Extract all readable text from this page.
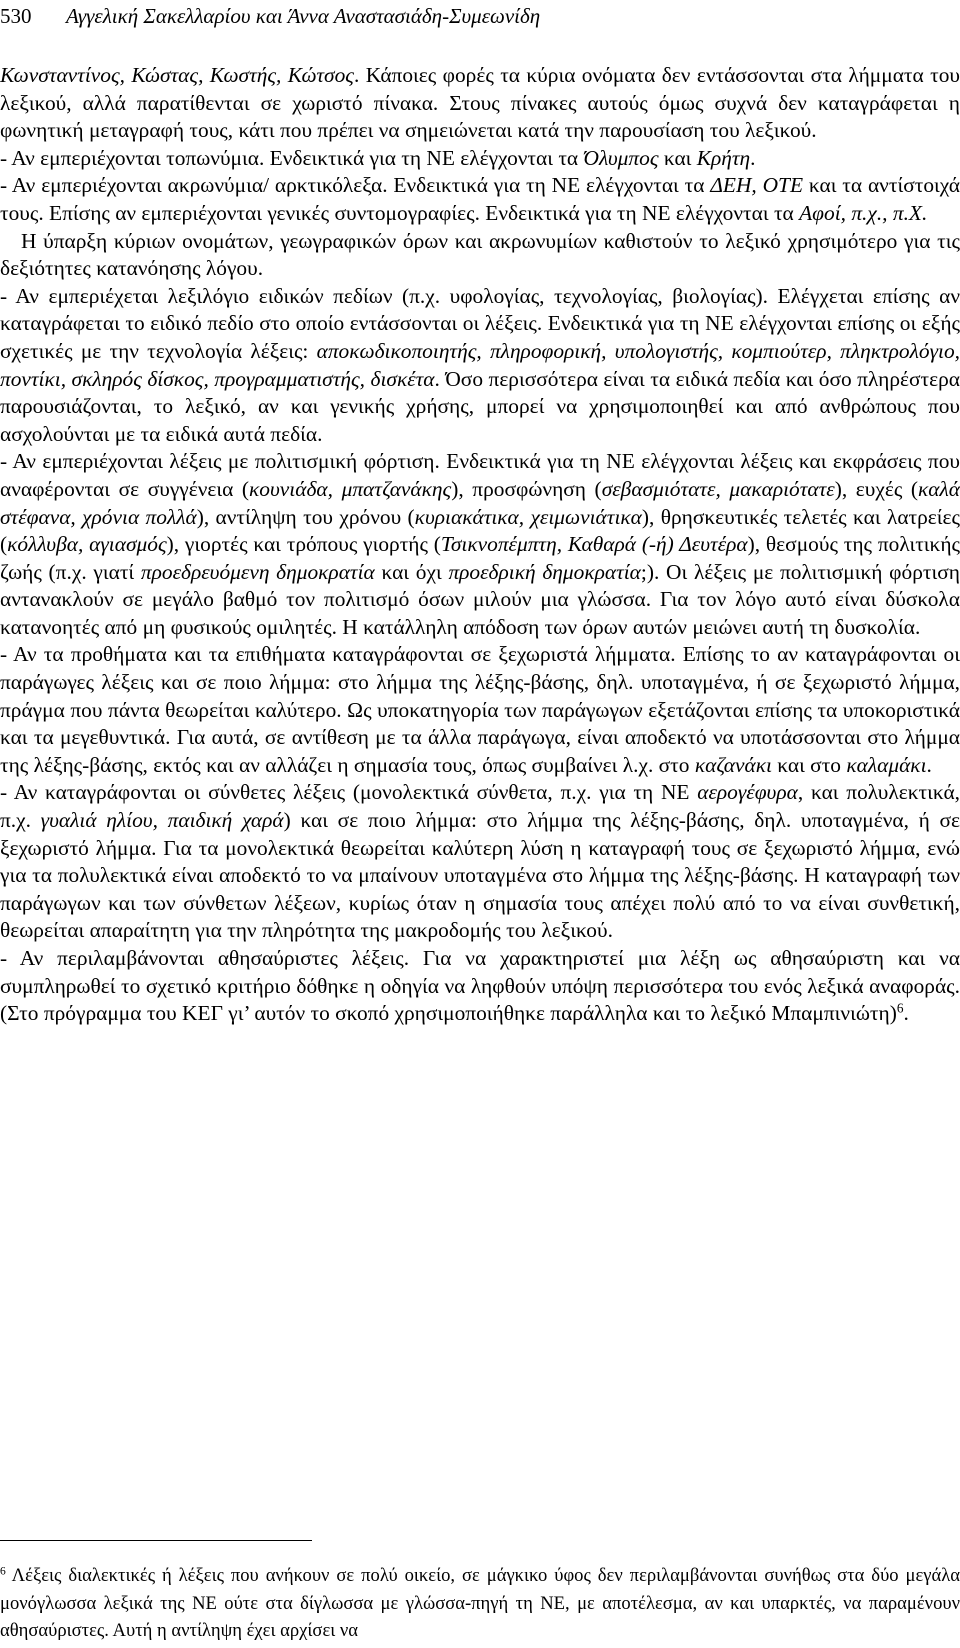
530 Αγγελική Σακελλαρίου και Άννα Αναστασιάδη-Συμεωνίδη

Κωνσταντίνος, Κώστας, Κωστής, Κώτσος. Κάποιες φορές τα κύρια ονόματα δεν εντάσσονται στα λήμματα του λεξικού, αλλά παρατίθενται σε χωριστό πίνακα. Στους πίνακες αυτούς όμως συχνά δεν καταγράφεται η φωνητική μεταγραφή τους, κάτι που πρέπει να σημειώνεται κατά την παρουσίαση του λεξικού.

- Αν εμπεριέχονται τοπωνύμια. Ενδεικτικά για τη ΝΕ ελέγχονται τα Όλυμπος και Κρήτη.

- Αν εμπεριέχονται ακρωνύμια/ αρκτικόλεξα. Ενδεικτικά για τη ΝΕ ελέγχονται τα ΔΕΗ, ΟΤΕ και τα αντίστοιχά τους. Επίσης αν εμπεριέχονται γενικές συντομογραφίες. Ενδεικτικά για τη ΝΕ ελέγχονται τα Αφοί, π.χ., π.Χ.

Η ύπαρξη κύριων ονομάτων, γεωγραφικών όρων και ακρωνυμίων καθιστούν το λεξικό χρησιμότερο για τις δεξιότητες κατανόησης λόγου.

- Αν εμπεριέχεται λεξιλόγιο ειδικών πεδίων (π.χ. υφολογίας, τεχνολογίας, βιολογίας). Ελέγχεται επίσης αν καταγράφεται το ειδικό πεδίο στο οποίο εντάσσονται οι λέξεις. Ενδεικτικά για τη ΝΕ ελέγχονται επίσης οι εξής σχετικές με την τεχνολογία λέξεις: αποκωδικοποιητής, πληροφορική, υπολογιστής, κομπιούτερ, πληκτρολόγιο, ποντίκι, σκληρός δίσκος, προγραμματιστής, δισκέτα. Όσο περισσότερα είναι τα ειδικά πεδία και όσο πληρέστερα παρουσιάζονται, το λεξικό, αν και γενικής χρήσης, μπορεί να χρησιμοποιηθεί και από ανθρώπους που ασχολούνται με τα ειδικά αυτά πεδία.

- Αν εμπεριέχονται λέξεις με πολιτισμική φόρτιση. Ενδεικτικά για τη ΝΕ ελέγχονται λέξεις και εκφράσεις που αναφέρονται σε συγγένεια (κουνιάδα, μπατζανάκης), προσφώνηση (σεβασμιότατε, μακαριότατε), ευχές (καλά στέφανα, χρόνια πολλά), αντίληψη του χρόνου (κυριακάτικα, χειμωνιάτικα), θρησκευτικές τελετές και λατρείες (κόλλυβα, αγιασμός), γιορτές και τρόπους γιορτής (Τσικνοπέμπτη, Καθαρά (-ή) Δευτέρα), θεσμούς της πολιτικής ζωής (π.χ. γιατί προεδρευόμενη δημοκρατία και όχι προεδρική δημοκρατία;). Οι λέξεις με πολιτισμική φόρτιση αντανακλούν σε μεγάλο βαθμό τον πολιτισμό όσων μιλούν μια γλώσσα. Για τον λόγο αυτό είναι δύσκολα κατανοητές από μη φυσικούς ομιλητές. Η κατάλληλη απόδοση των όρων αυτών μειώνει αυτή τη δυσκολία.

- Αν τα προθήματα και τα επιθήματα καταγράφονται σε ξεχωριστά λήμματα. Επίσης το αν καταγράφονται οι παράγωγες λέξεις και σε ποιο λήμμα: στο λήμμα της λέξης-βάσης, δηλ. υποταγμένα, ή σε ξεχωριστό λήμμα, πράγμα που πάντα θεωρείται καλύτερο. Ως υποκατηγορία των παράγωγων εξετάζονται επίσης τα υποκοριστικά και τα μεγεθυντικά. Για αυτά, σε αντίθεση με τα άλλα παράγωγα, είναι αποδεκτό να υποτάσσονται στο λήμμα της λέξης-βάσης, εκτός και αν αλλάζει η σημασία τους, όπως συμβαίνει λ.χ. στο καζανάκι και στο καλαμάκι.

- Αν καταγράφονται οι σύνθετες λέξεις (μονολεκτικά σύνθετα, π.χ. για τη ΝΕ αερογέφυρα, και πολυλεκτικά, π.χ. γυαλιά ηλίου, παιδική χαρά) και σε ποιο λήμμα: στο λήμμα της λέξης-βάσης, δηλ. υποταγμένα, ή σε ξεχωριστό λήμμα. Για τα μονολεκτικά θεωρείται καλύτερη λύση η καταγραφή τους σε ξεχωριστό λήμμα, ενώ για τα πολυλεκτικά είναι αποδεκτό το να μπαίνουν υποταγμένα στο λήμμα της λέξης-βάσης. Η καταγραφή των παράγωγων και των σύνθετων λέξεων, κυρίως όταν η σημασία τους απέχει πολύ από το να είναι συνθετική, θεωρείται απαραίτητη για την πληρότητα της μακροδομής του λεξικού.

- Αν περιλαμβάνονται αθησαύριστες λέξεις. Για να χαρακτηριστεί μια λέξη ως αθησαύριστη και να συμπληρωθεί το σχετικό κριτήριο δόθηκε η οδηγία να ληφθούν υπόψη περισσότερα του ενός λεξικά αναφοράς. (Στο πρόγραμμα του ΚΕΓ γι’ αυτόν το σκοπό χρησιμοποιήθηκε παράλληλα και το λεξικό Μπαμπινιώτη)$^6$.

$^6$ Λέξεις διαλεκτικές ή λέξεις που ανήκουν σε πολύ οικείο, σε μάγκικο ύφος δεν περιλαμβάνονται συνήθως στα δύο μεγάλα μονόγλωσσα λεξικά της ΝΕ ούτε στα δίγλωσσα με γλώσσα-πηγή τη ΝΕ, με αποτέλεσμα, αν και υπαρκτές, να παραμένουν αθησαύριστες. Αυτή η αντίληψη έχει αρχίσει να
